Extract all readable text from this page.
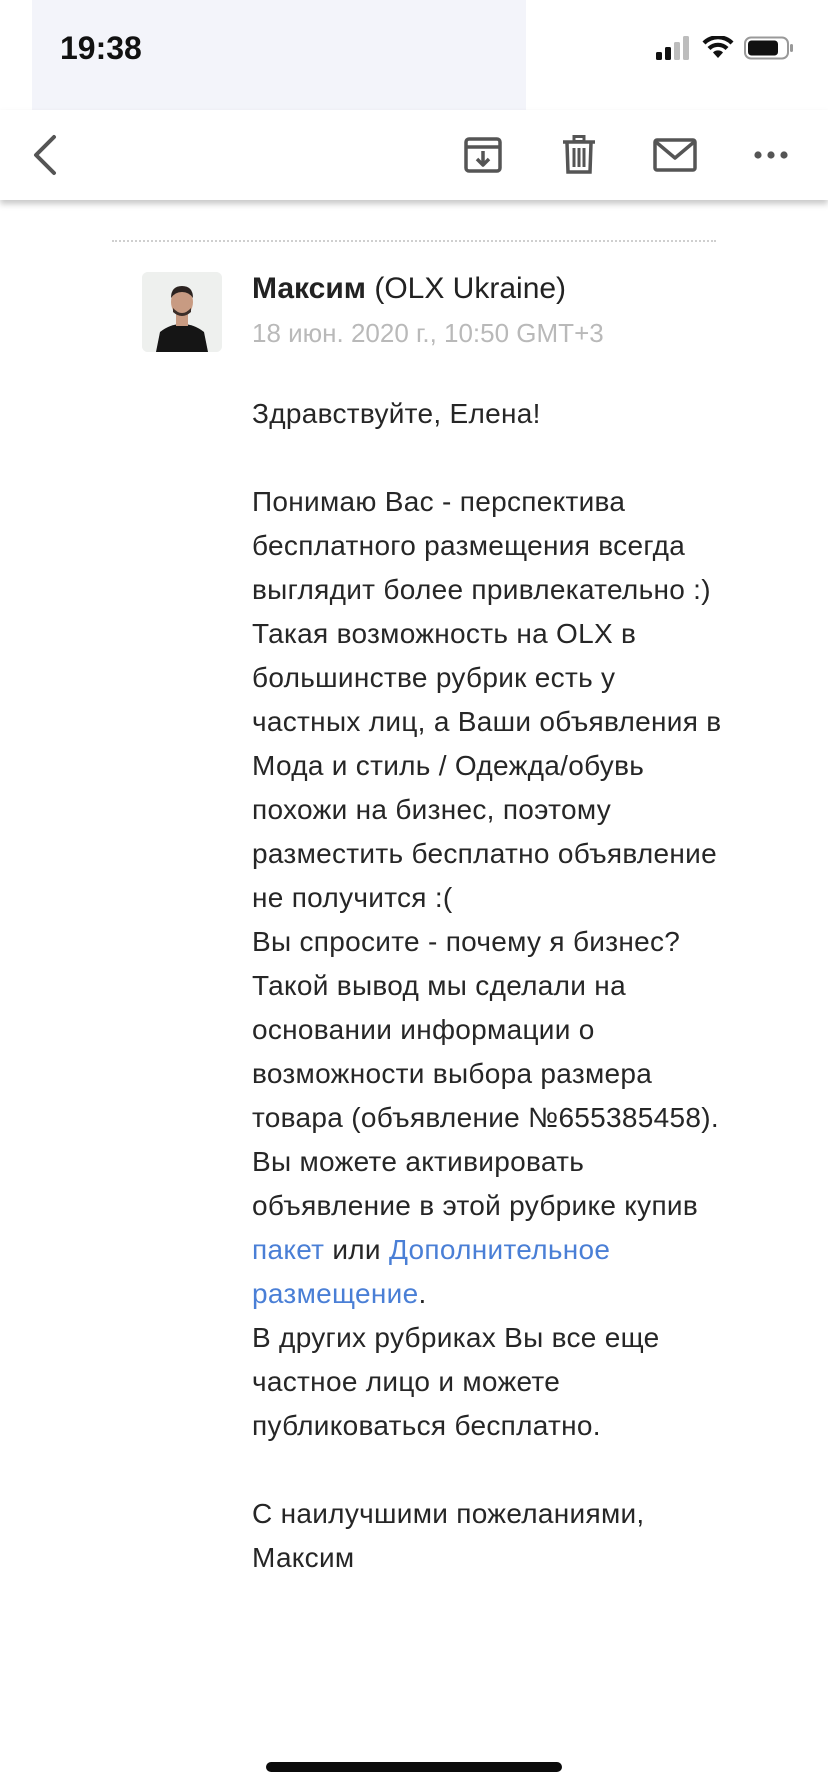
19:38
Максим (OLX Ukraine)
18 июн. 2020 г., 10:50 GMT+3
Здравствуйте, Елена!
Понимаю Вас - перспектива бесплатного размещения всегда выглядит более привлекательно :) Такая возможность на OLX в большинстве рубрик есть у частных лиц, а Ваши объявления в Мода и стиль / Одежда/обувь похожи на бизнес, поэтому разместить бесплатно объявление не получится :(
Вы спросите - почему я бизнес? Такой вывод мы сделали на основании информации о возможности выбора размера товара (объявление №655385458).
Вы можете активировать объявление в этой рубрике купив пакет или Дополнительное размещение.
В других рубриках Вы все еще частное лицо и можете публиковаться бесплатно.
С наилучшими пожеланиями,
Максим
